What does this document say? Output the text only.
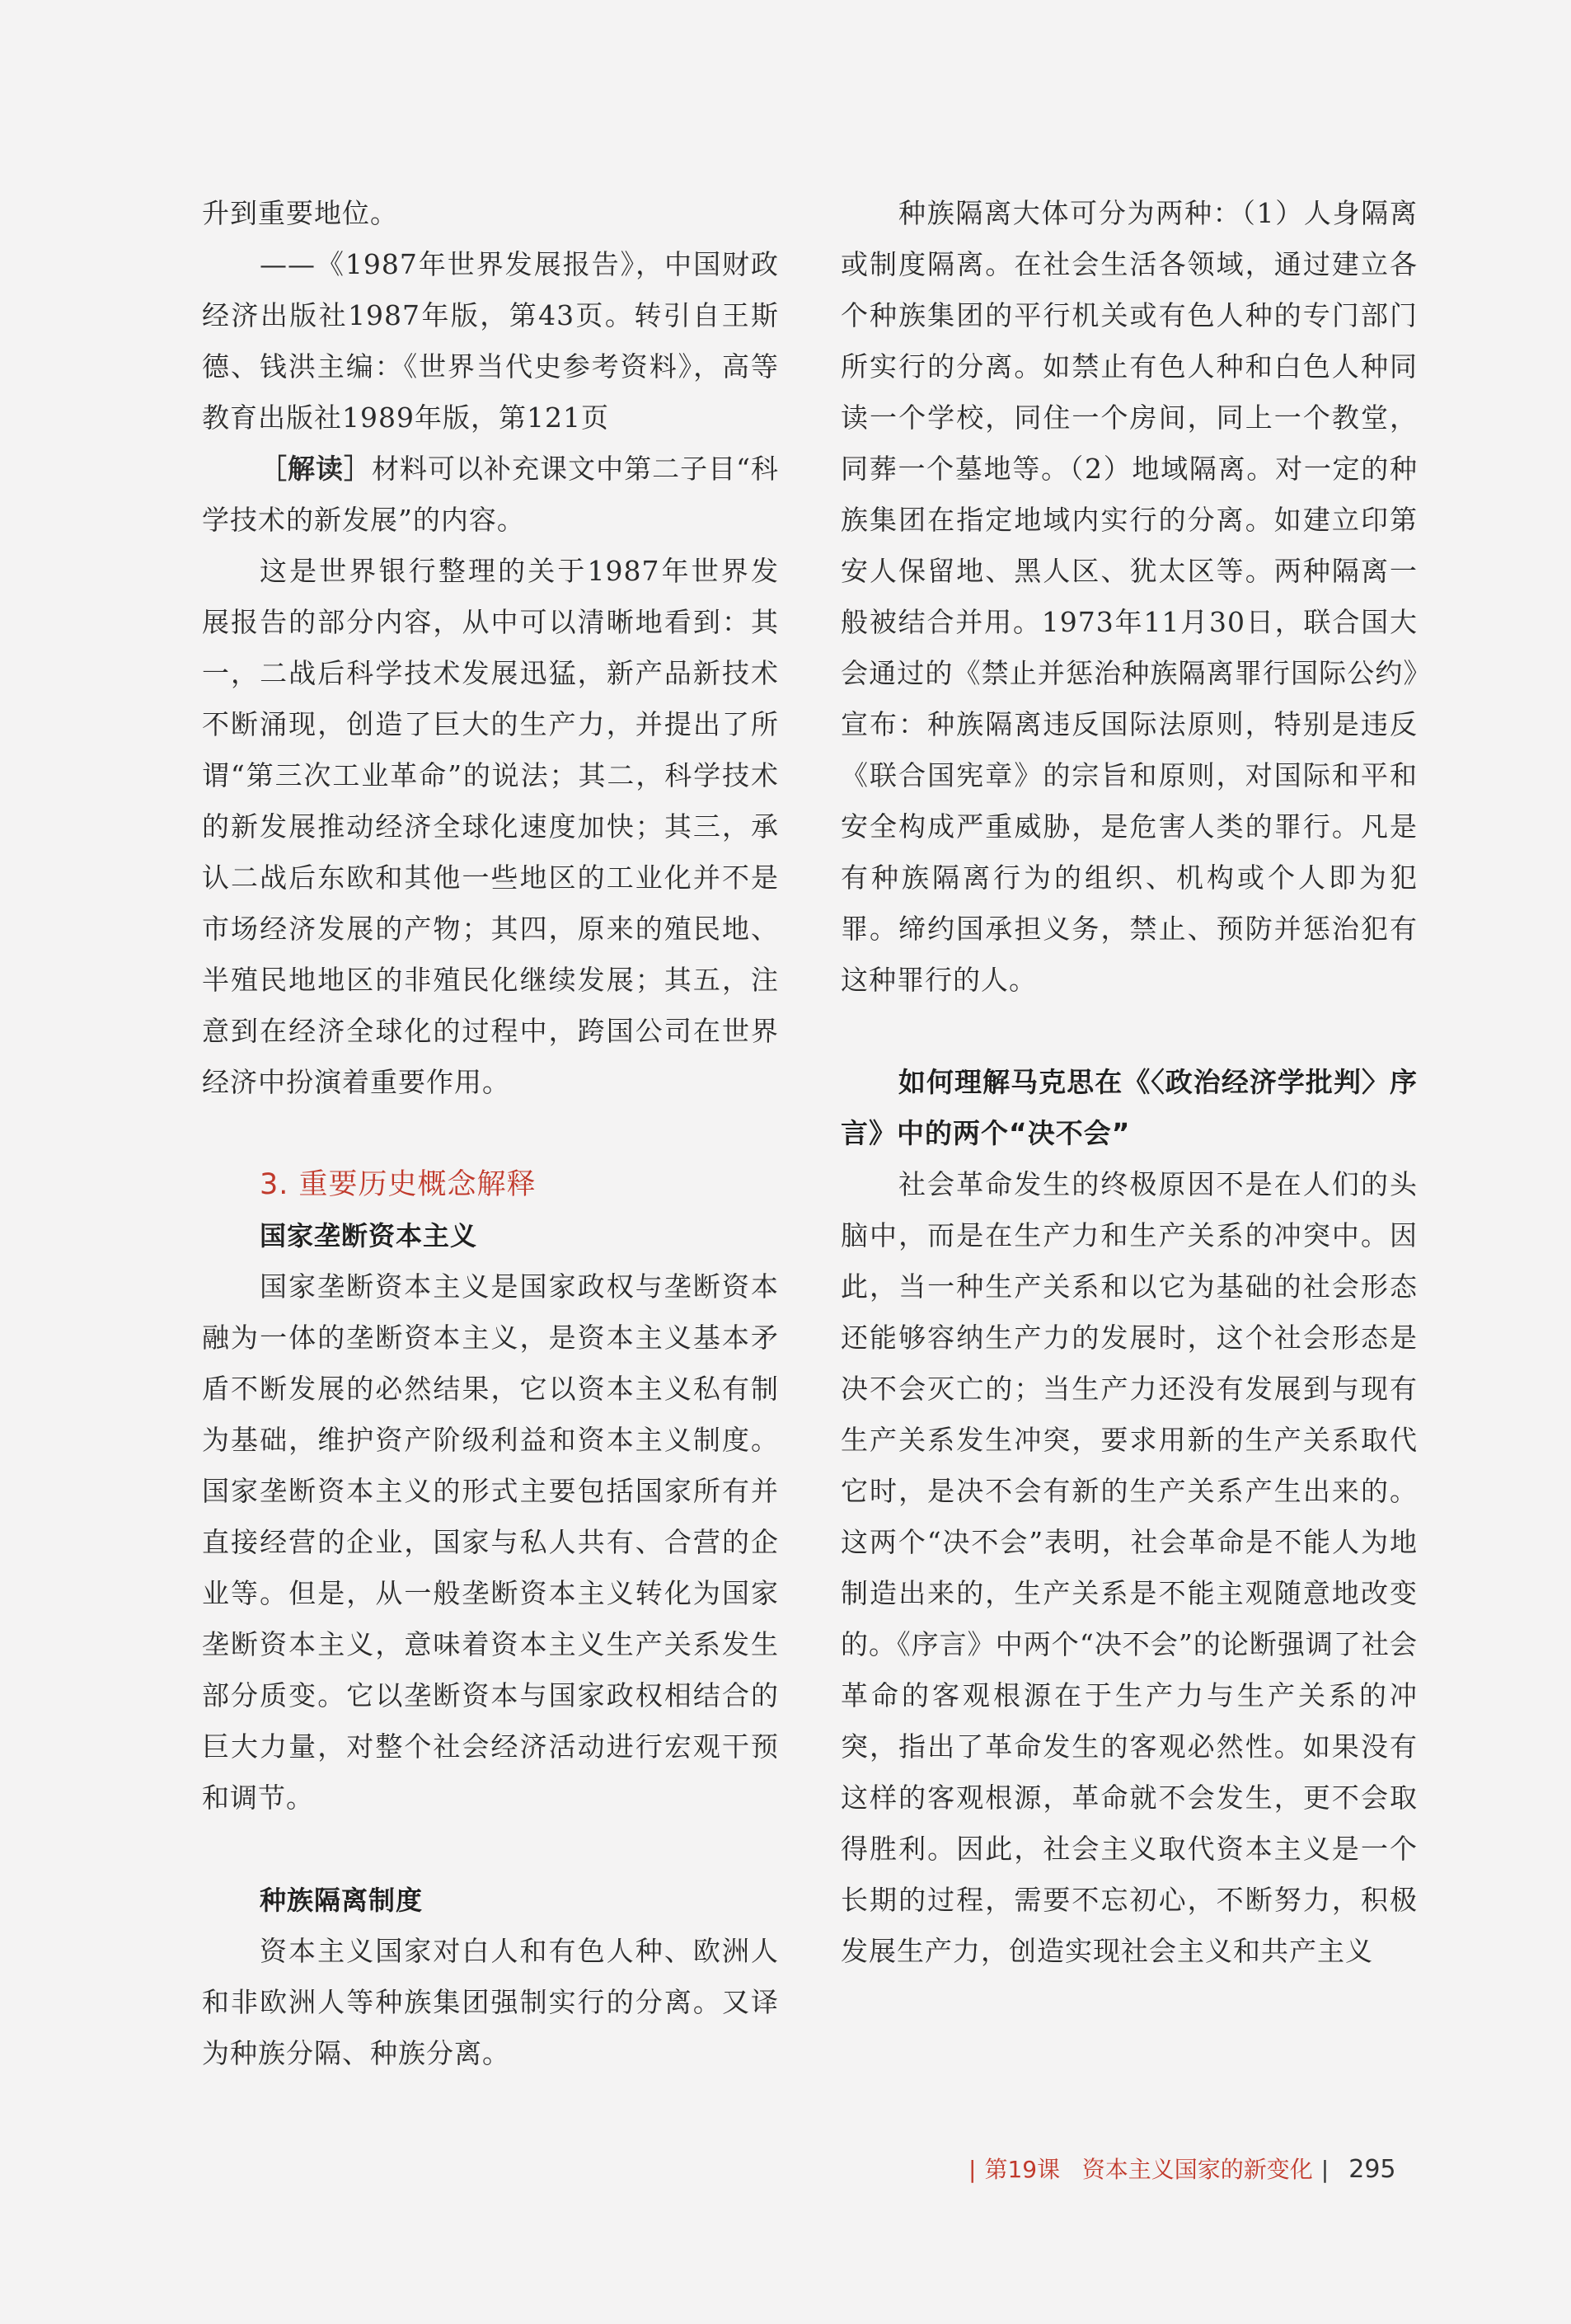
升到重要地位。

——《1987年世界发展报告》，中国财政经济出版社1987年版，第43页。转引自王斯德、钱洪主编：《世界当代史参考资料》，高等教育出版社1989年版，第121页

［解读］材料可以补充课文中第二子目“科学技术的新发展”的内容。

这是世界银行整理的关于1987年世界发展报告的部分内容，从中可以清晰地看到：其一，二战后科学技术发展迅猛，新产品新技术不断涌现，创造了巨大的生产力，并提出了所谓“第三次工业革命”的说法；其二，科学技术的新发展推动经济全球化速度加快；其三，承认二战后东欧和其他一些地区的工业化并不是市场经济发展的产物；其四，原来的殖民地、半殖民地地区的非殖民化继续发展；其五，注意到在经济全球化的过程中，跨国公司在世界经济中扮演着重要作用。

3. 重要历史概念解释

国家垄断资本主义

国家垄断资本主义是国家政权与垄断资本融为一体的垄断资本主义，是资本主义基本矛盾不断发展的必然结果，它以资本主义私有制为基础，维护资产阶级利益和资本主义制度。国家垄断资本主义的形式主要包括国家所有并直接经营的企业，国家与私人共有、合营的企业等。但是，从一般垄断资本主义转化为国家垄断资本主义，意味着资本主义生产关系发生部分质变。它以垄断资本与国家政权相结合的巨大力量，对整个社会经济活动进行宏观干预和调节。

种族隔离制度

资本主义国家对白人和有色人种、欧洲人和非欧洲人等种族集团强制实行的分离。又译为种族分隔、种族分离。

种族隔离大体可分为两种：（1）人身隔离或制度隔离。在社会生活各领域，通过建立各个种族集团的平行机关或有色人种的专门部门所实行的分离。如禁止有色人种和白色人种同读一个学校，同住一个房间，同上一个教堂，同葬一个墓地等。（2）地域隔离。对一定的种族集团在指定地域内实行的分离。如建立印第安人保留地、黑人区、犹太区等。两种隔离一般被结合并用。1973年11月30日，联合国大会通过的《禁止并惩治种族隔离罪行国际公约》宣布：种族隔离违反国际法原则，特别是违反《联合国宪章》的宗旨和原则，对国际和平和安全构成严重威胁，是危害人类的罪行。凡是有种族隔离行为的组织、机构或个人即为犯罪。缔约国承担义务，禁止、预防并惩治犯有这种罪行的人。

如何理解马克思在《〈政治经济学批判〉序言》中的两个“决不会”

社会革命发生的终极原因不是在人们的头脑中，而是在生产力和生产关系的冲突中。因此，当一种生产关系和以它为基础的社会形态还能够容纳生产力的发展时，这个社会形态是决不会灭亡的；当生产力还没有发展到与现有生产关系发生冲突，要求用新的生产关系取代它时，是决不会有新的生产关系产生出来的。这两个“决不会”表明，社会革命是不能人为地制造出来的，生产关系是不能主观随意地改变的。《序言》中两个“决不会”的论断强调了社会革命的客观根源在于生产力与生产关系的冲突，指出了革命发生的客观必然性。如果没有这样的客观根源，革命就不会发生，更不会取得胜利。因此，社会主义取代资本主义是一个长期的过程，需要不忘初心，不断努力，积极发展生产力，创造实现社会主义和共产主义

| 第19课 资本主义国家的新变化 | 295
